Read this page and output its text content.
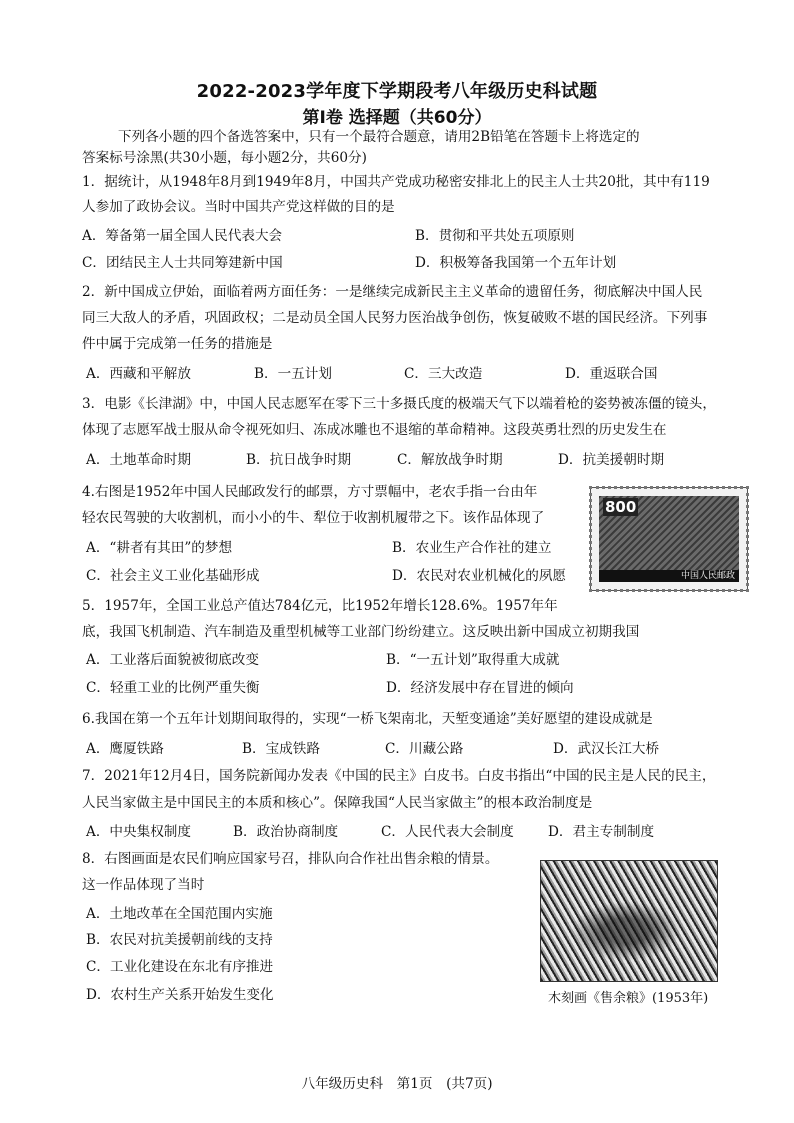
2022-2023学年度下学期段考八年级历史科试题
第Ⅰ卷 选择题（共60分）
下列各小题的四个备选答案中，只有一个最符合题意，请用2B铅笔在答题卡上将选定的
答案标号涂黑(共30小题，每小题2分，共60分)
1．据统计，从1948年8月到1949年8月，中国共产党成功秘密安排北上的民主人士共20批，其中有119
人参加了政协会议。当时中国共产党这样做的目的是
A．筹备第一届全国人民代表大会	B．贯彻和平共处五项原则
C．团结民主人士共同筹建新中国	D．积极筹备我国第一个五年计划
2．新中国成立伊始，面临着两方面任务：一是继续完成新民主主义革命的遗留任务，彻底解决中国人民
同三大敌人的矛盾，巩固政权；二是动员全国人民努力医治战争创伤，恢复破败不堪的国民经济。下列事
件中属于完成第一任务的措施是
A．西藏和平解放	B．一五计划	C．三大改造	D．重返联合国
3．电影《长津湖》中，中国人民志愿军在零下三十多摄氏度的极端天气下以端着枪的姿势被冻僵的镜头，
体现了志愿军战士服从命令视死如归、冻成冰雕也不退缩的革命精神。这段英勇壮烈的历史发生在
A．土地革命时期	B．抗日战争时期	C．解放战争时期	D．抗美援朝时期
4.右图是1952年中国人民邮政发行的邮票，方寸票幅中，老农手指一台由年
轻农民驾驶的大收割机，而小小的牛、犁位于收割机履带之下。该作品体现了
A．“耕者有其田”的梦想	B．农业生产合作社的建立
C．社会主义工业化基础形成	D．农民对农业机械化的夙愿
800
中国人民邮政
5．1957年，全国工业总产值达784亿元，比1952年增长128.6%。1957年年
底，我国飞机制造、汽车制造及重型机械等工业部门纷纷建立。这反映出新中国成立初期我国
A．工业落后面貌被彻底改变	B．“一五计划”取得重大成就
C．轻重工业的比例严重失衡	D．经济发展中存在冒进的倾向
6.我国在第一个五年计划期间取得的，实现“一桥飞架南北，天堑变通途”美好愿望的建设成就是
A．鹰厦铁路	B．宝成铁路	C．川藏公路	D．武汉长江大桥
7．2021年12月4日，国务院新闻办发表《中国的民主》白皮书。白皮书指出“中国的民主是人民的民主，
人民当家做主是中国民主的本质和核心”。保障我国“人民当家做主”的根本政治制度是
A．中央集权制度	B．政治协商制度	C．人民代表大会制度	D．君主专制制度
8．右图画面是农民们响应国家号召，排队向合作社出售余粮的情景。
这一作品体现了当时
A．土地改革在全国范围内实施
B．农民对抗美援朝前线的支持
C．工业化建设在东北有序推进
D．农村生产关系开始发生变化	木刻画《售余粮》(1953年)
八年级历史科　第1页　(共7页)
